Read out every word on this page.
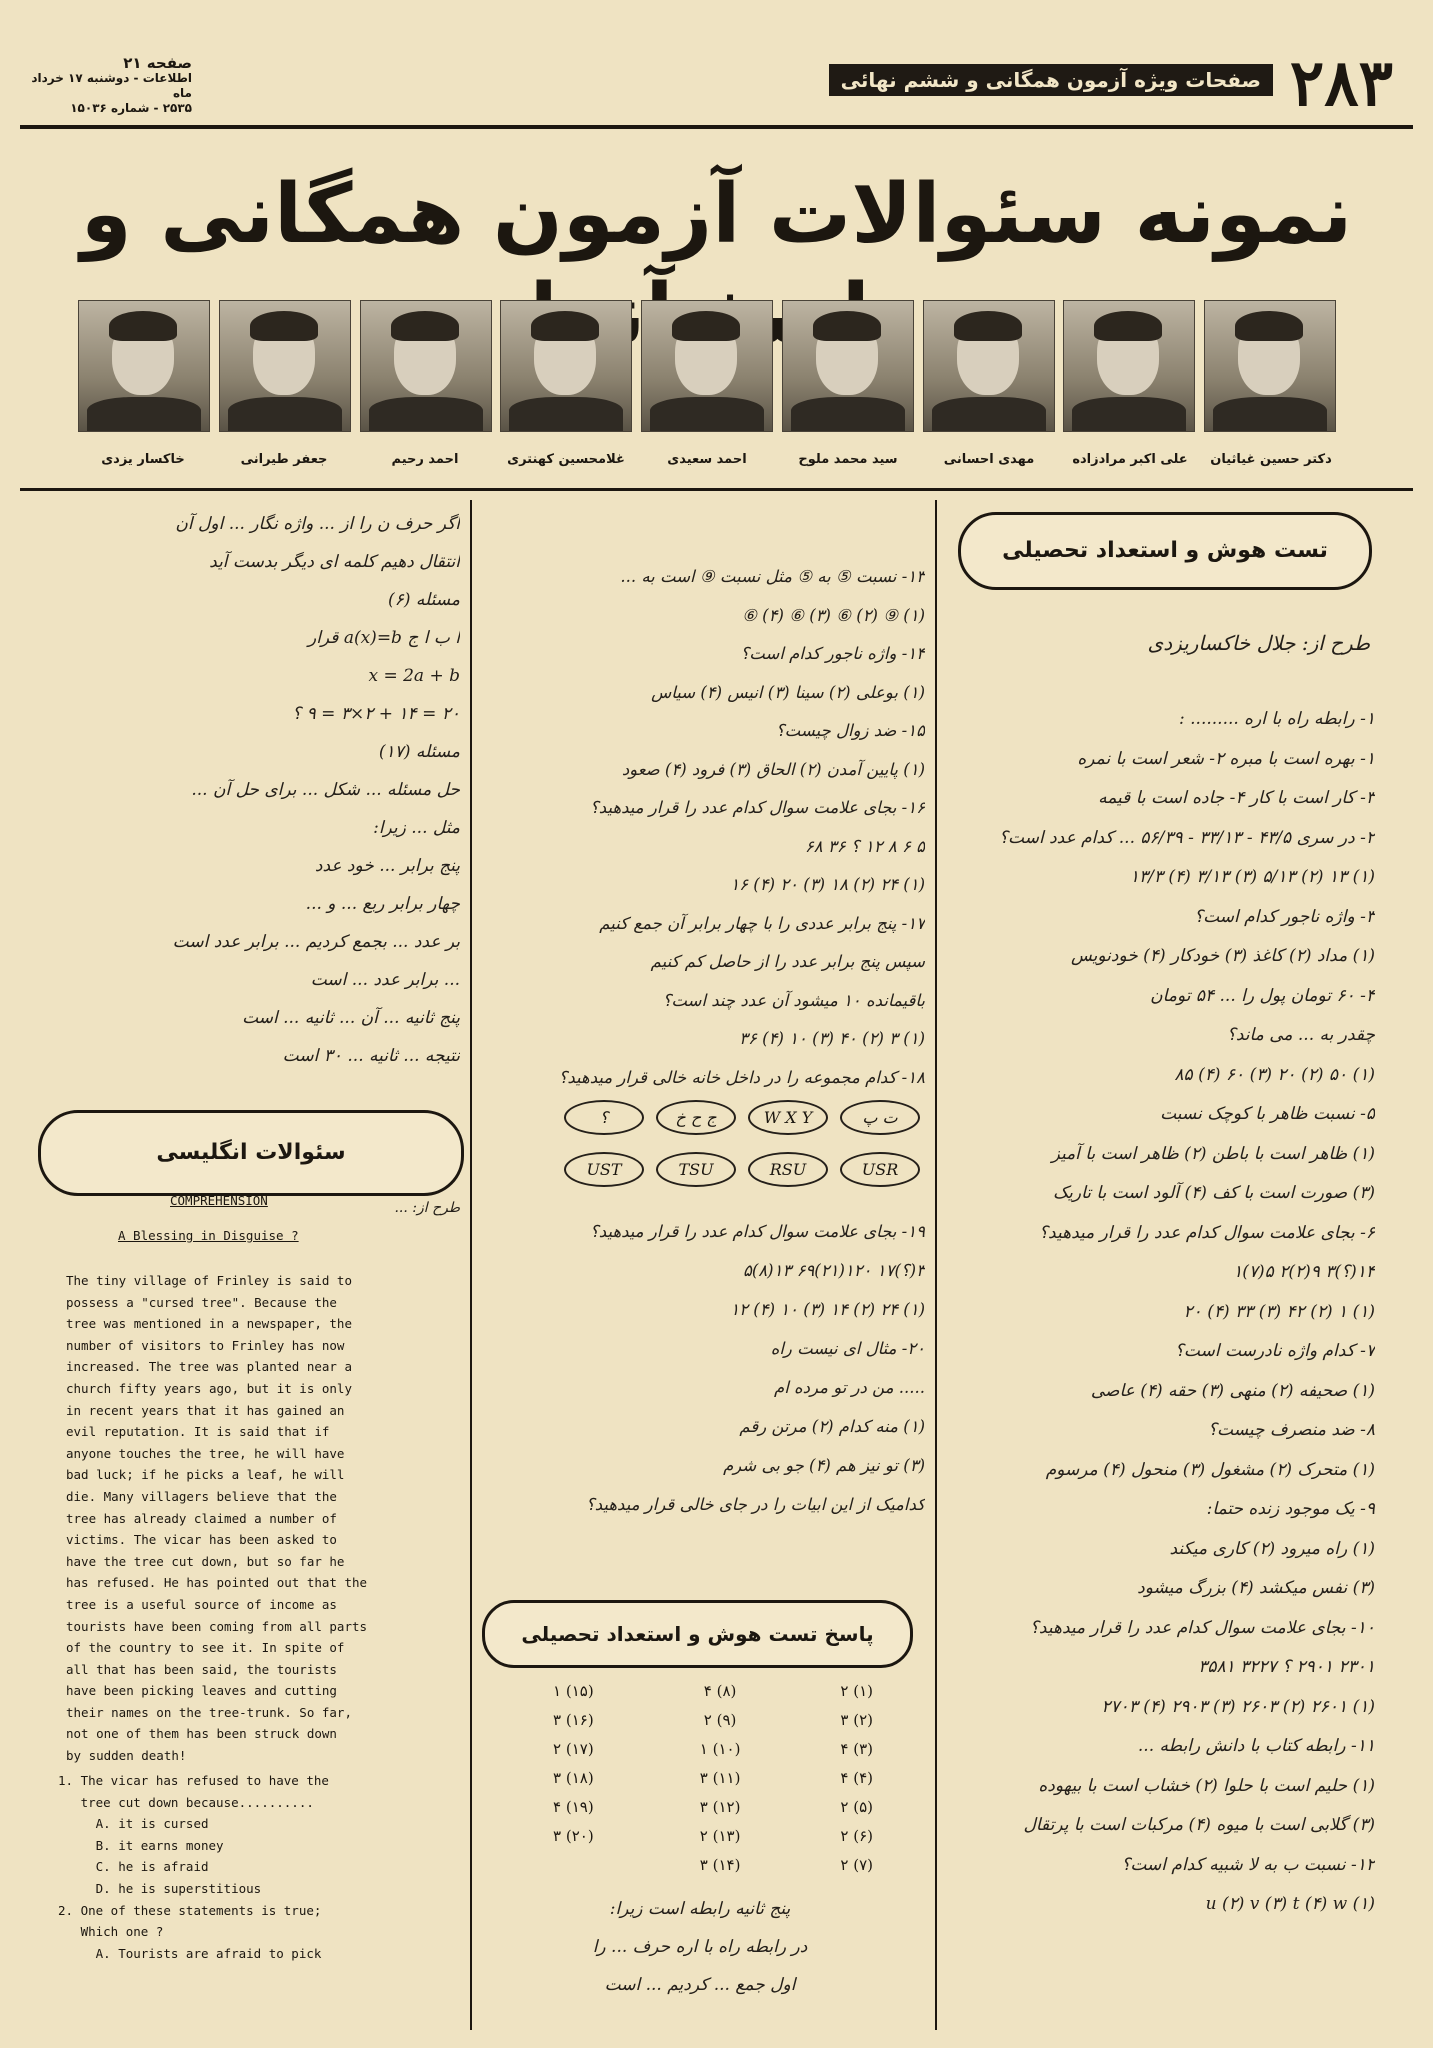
صفحه ۲۱
اطلاعات - دوشنبه ۱۷ خرداد ماه
۲۵۳۵ - شماره ۱۵۰۳۶	۲۸۳
صفحات ویژه آزمون همگانی و ششم نهائی
نمونه سئوالات آزمون همگانی و
دکتر حسین غیاثیان
علی اکبر مرادزاده
مهدی احسانی
سید محمد ملوح
احمد سعیدی
غلامحسین کهنتری
احمد رحیم
جعفر طیرانی
خاکسار یزدی
تست هوش و استعداد تحصیلی
طرح از: جلال خاکساریزدی
۱- رابطه راه با اره ......... :
۱- بهره است با مبره ۲- شعر است با نمره
۳- کار است با کار ۴- جاده است با قیمه
۲- در سری ۴۳/۵ - ۳۳/۱۳ - ۵۶/۳۹ ... کدام عدد است؟
(۱) ۱۳ (۲) ۵/۱۳ (۳) ۳/۱۳ (۴) ۱۳/۳
۳- واژه ناجور کدام است؟
(۱) مداد (۲) کاغذ (۳) خودکار (۴) خودنویس
۴- ۶۰ تومان پول را ... ۵۴ تومان
چقدر به ... می ماند؟
(۱) ۵۰ (۲) ۲۰ (۳) ۶۰ (۴) ۸۵
۵- نسبت ظاهر با کوچک نسبت
(۱) ظاهر است با باطن (۲) ظاهر است با آمیز
(۳) صورت است با کف (۴) آلود است با تاریک
۶- بجای علامت سوال کدام عدد را قرار میدهید؟
۱۴(؟)۳ ۹(۲)۲ ۵(۷)۱
(۱) ۱ (۲) ۴۲ (۳) ۳۳ (۴) ۲۰
۷- کدام واژه نادرست است؟
(۱) صحیفه (۲) منهی (۳) حقه (۴) عاصی
۸- ضد منصرف چیست؟
(۱) متحرک (۲) مشغول (۳) منحول (۴) مرسوم
۹- یک موجود زنده حتما:
(۱) راه میرود (۲) کاری میکند
(۳) نفس میکشد (۴) بزرگ میشود
۱۰- بجای علامت سوال کدام عدد را قرار میدهید؟
۲۳۰۱ ۲۹۰۱ ؟ ۳۲۲۷ ۳۵۸۱
(۱) ۲۶۰۱ (۲) ۲۶۰۳ (۳) ۲۹۰۳ (۴) ۲۷۰۳
۱۱- رابطه کتاب با دانش رابطه ...
(۱) حلیم است با حلوا (۲) خشاب است با بیهوده
(۳) گلابی است با میوه (۴) مرکبات است با پرتقال
۱۲- نسبت ب به لا شبیه کدام است؟
(۱) u (۲) v (۳) t (۴) w
۱۳- نسبت ⑤ به ⑤ مثل نسبت ⑨ است به ...
(۱) ⑨ (۲) ⑥ (۳) ⑥ (۴) ⑥
۱۴- واژه ناجور کدام است؟
(۱) بوعلی (۲) سینا (۳) انیس (۴) سیاس
۱۵- ضد زوال چیست؟
(۱) پایین آمدن (۲) الحاق (۳) فرود (۴) صعود
۱۶- بجای علامت سوال کدام عدد را قرار میدهید؟
۵ ۶ ۸ ۱۲ ؟ ۳۶ ۶۸
(۱) ۲۴ (۲) ۱۸ (۳) ۲۰ (۴) ۱۶
۱۷- پنج برابر عددی را با چهار برابر آن جمع کنیم
سپس پنج برابر عدد را از حاصل کم کنیم
باقیمانده ۱۰ میشود آن عدد چند است؟
(۱) ۳ (۲) ۴۰ (۳) ۱۰ (۴) ۳۶
۱۸- کدام مجموعه را در داخل خانه خالی قرار میدهید؟
ت پ
W X Y
ج ح خ
؟
USR
RSU
TSU
UST
۱۹- بجای علامت سوال کدام عدد را قرار میدهید؟
۳(؟)۱۷ ۱۲۰(۲۱)۶۹ ۱۳(۸)۵
(۱) ۲۴ (۲) ۱۴ (۳) ۱۰ (۴) ۱۲
۲۰- مثال ای نیست راه
..... من در تو مرده ام
(۱) منه کدام (۲) مرتن رقم
(۳) تو نیز هم (۴) جو بی شرم
کدامیک از این ابیات را در جای خالی قرار میدهید؟
پاسخ تست هوش و استعداد تحصیلی
(۱) ۲	(۸) ۴	(۱۵) ۱
(۲) ۳	(۹) ۲	(۱۶) ۳
(۳) ۴	(۱۰) ۱	(۱۷) ۲
(۴) ۴	(۱۱) ۳	(۱۸) ۳
(۵) ۲	(۱۲) ۳	(۱۹) ۴
(۶) ۲	(۱۳) ۲	(۲۰) ۳
(۷) ۲	(۱۴) ۳	
پنج ثانیه رابطه است زیرا:
در رابطه راه با اره حرف ... را
اول جمع ... کردیم ... است
اگر حرف ن را از ... واژه نگار ... اول آن
انتقال دهیم کلمه ای دیگر بدست آید
مسئله (۶)
ا ب ا ج a(x)=b قرار
x = 2a + b
۲۰ = ۱۴ + ۲×۳ = ۹ ؟
مسئله (۱۷)
حل مسئله ... شکل ... برای حل آن ...
مثل ... زیرا:
پنج برابر ... خود عدد
چهار برابر ربع ... و ...
بر عدد ... بجمع کردیم ... برابر عدد است
... برابر عدد ... است
پنج ثانیه ... آن ... ثانیه ... است
نتیجه ... ثانیه ... ۳۰ است
سئوالات انگلیسی
COMPREHENSION	طرح از: ...
A Blessing in Disguise ?
The tiny village of Frinley is said to
possess a "cursed tree". Because the
tree was mentioned in a newspaper, the
number of visitors to Frinley has now
increased. The tree was planted near a
church fifty years ago, but it is only
in recent years that it has gained an
evil reputation. It is said that if
anyone touches the tree, he will have
bad luck; if he picks a leaf, he will
die. Many villagers believe that the
tree has already claimed a number of
victims. The vicar has been asked to
have the tree cut down, but so far he
has refused. He has pointed out that the
tree is a useful source of income as
tourists have been coming from all parts
of the country to see it. In spite of
all that has been said, the tourists
have been picking leaves and cutting
their names on the tree-trunk. So far,
not one of them has been struck down
by sudden death!
1. The vicar has refused to have the
tree cut down because..........
A. it is cursed
B. it earns money
C. he is afraid
D. he is superstitious
2. One of these statements is true;
Which one ?
A. Tourists are afraid to pick
